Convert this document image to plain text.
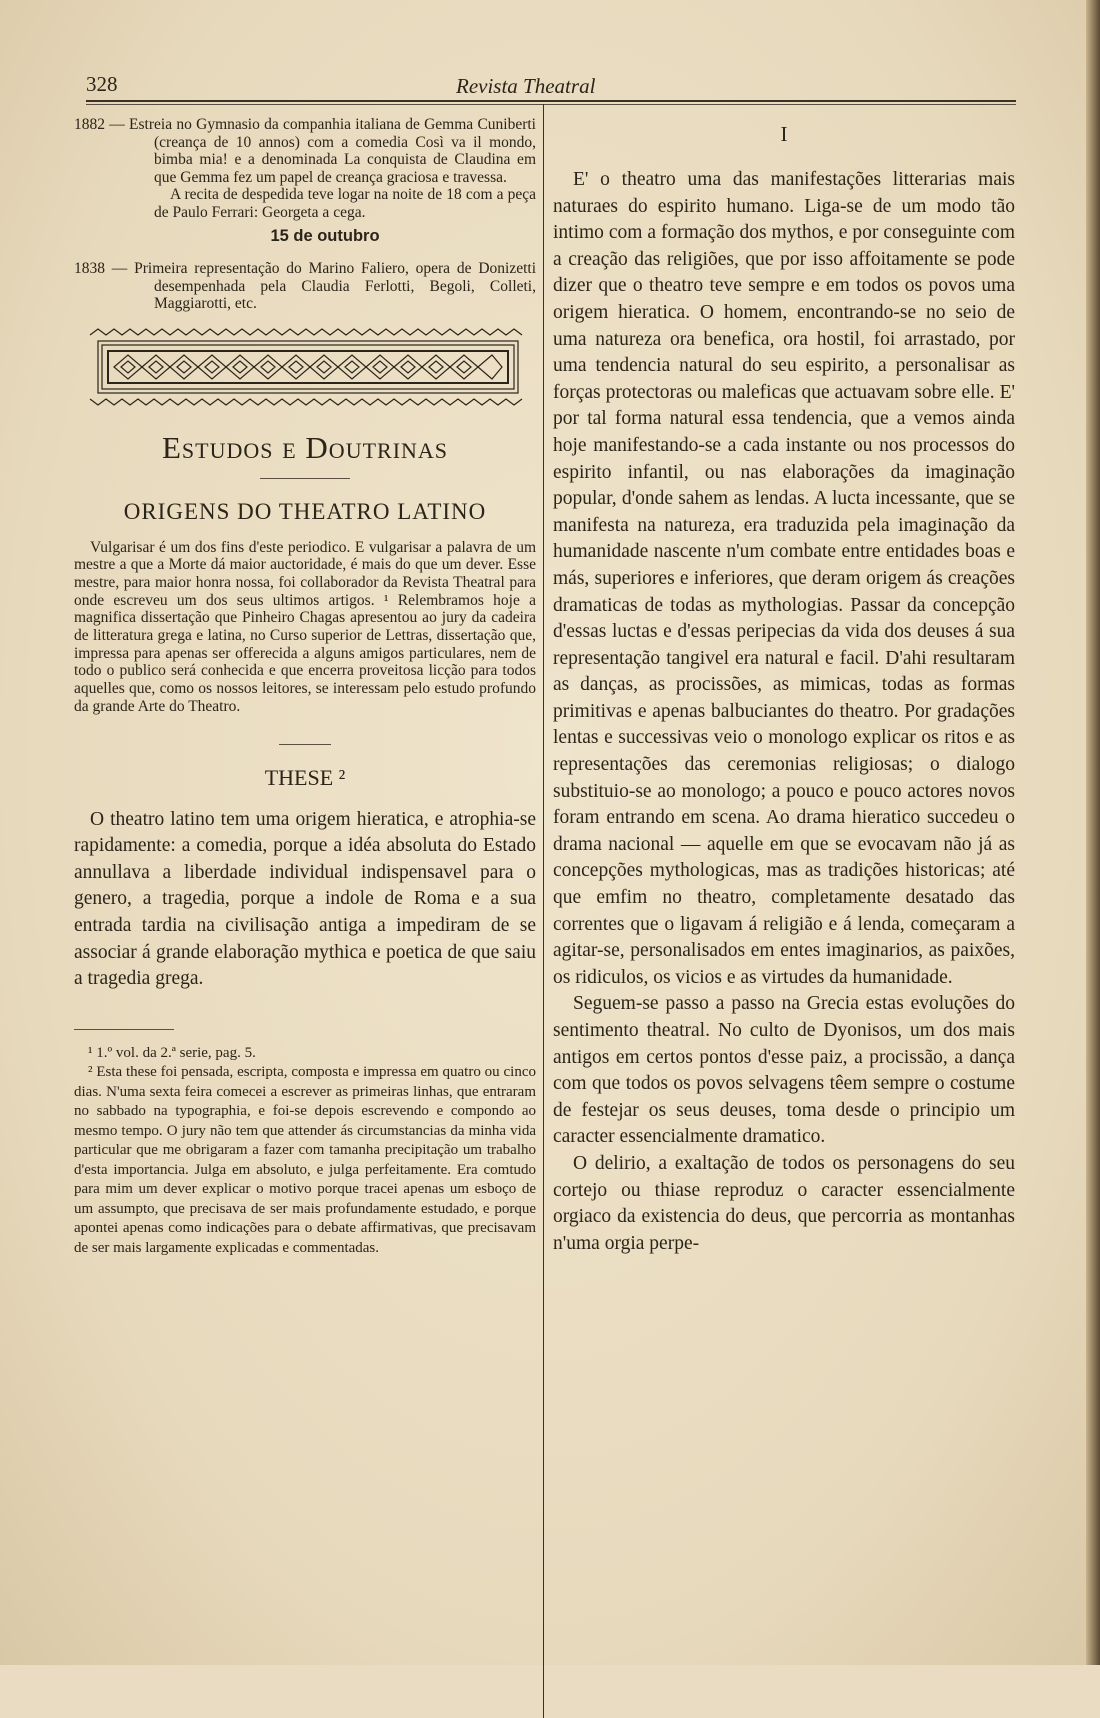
328	Revista Theatral

1882 — Estreia no Gymnasio da companhia italiana de Gemma Cuniberti (creança de 10 annos) com a comedia Così va il mondo, bimba mia! e a denominada La conquista de Claudina em que Gemma fez um papel de creança graciosa e travessa.

A recita de despedida teve logar na noite de 18 com a peça de Paulo Ferrari: Georgeta a cega.

15 de outubro

1838 — Primeira representação do Marino Faliero, opera de Donizetti desempenhada pela Claudia Ferlotti, Begoli, Colleti, Maggiarotti, etc.

Estudos e Doutrinas
ORIGENS DO THEATRO LATINO

Vulgarisar é um dos fins d'este periodico. E vulgarisar a palavra de um mestre a que a Morte dá maior auctoridade, é mais do que um dever. Esse mestre, para maior honra nossa, foi collaborador da Revista Theatral para onde escreveu um dos seus ultimos artigos. ¹ Relembramos hoje a magnifica dissertação que Pinheiro Chagas apresentou ao jury da cadeira de litteratura grega e latina, no Curso superior de Lettras, dissertação que, impressa para apenas ser offerecida a alguns amigos particulares, nem de todo o publico será conhecida e que encerra proveitosa licção para todos aquelles que, como os nossos leitores, se interessam pelo estudo profundo da grande Arte do Theatro.

THESE ²

O theatro latino tem uma origem hieratica, e atrophia-se rapidamente: a comedia, porque a idéa absoluta do Estado annullava a liberdade individual indispensavel para o genero, a tragedia, porque a indole de Roma e a sua entrada tardia na civilisação antiga a impediram de se associar á grande elaboração mythica e poetica de que saiu a tragedia grega.

¹ 1.º vol. da 2.ª serie, pag. 5.

² Esta these foi pensada, escripta, composta e impressa em quatro ou cinco dias. N'uma sexta feira comecei a escrever as primeiras linhas, que entraram no sabbado na typographia, e foi-se depois escrevendo e compondo ao mesmo tempo. O jury não tem que attender ás circumstancias da minha vida particular que me obrigaram a fazer com tamanha precipitação um trabalho d'esta importancia. Julga em absoluto, e julga perfeitamente. Era comtudo para mim um dever explicar o motivo porque tracei apenas um esboço de um assumpto, que precisava de ser mais profundamente estudado, e porque apontei apenas como indicações para o debate affirmativas, que precisavam de ser mais largamente explicadas e commentadas.

I

E' o theatro uma das manifestações litterarias mais naturaes do espirito humano. Liga-se de um modo tão intimo com a formação dos mythos, e por conseguinte com a creação das religiões, que por isso affoitamente se pode dizer que o theatro teve sempre e em todos os povos uma origem hieratica. O homem, encontrando-se no seio de uma natureza ora benefica, ora hostil, foi arrastado, por uma tendencia natural do seu espirito, a personalisar as forças protectoras ou maleficas que actuavam sobre elle. E' por tal forma natural essa tendencia, que a vemos ainda hoje manifestando-se a cada instante ou nos processos do espirito infantil, ou nas elaborações da imaginação popular, d'onde sahem as lendas. A lucta incessante, que se manifesta na natureza, era traduzida pela imaginação da humanidade nascente n'um combate entre entidades boas e más, superiores e inferiores, que deram origem ás creações dramaticas de todas as mythologias. Passar da concepção d'essas luctas e d'essas peripecias da vida dos deuses á sua representação tangivel era natural e facil. D'ahi resultaram as danças, as procissões, as mimicas, todas as formas primitivas e apenas balbuciantes do theatro. Por gradações lentas e successivas veio o monologo explicar os ritos e as representações das ceremonias religiosas; o dialogo substituio-se ao monologo; a pouco e pouco actores novos foram entrando em scena. Ao drama hieratico succedeu o drama nacional — aquelle em que se evocavam não já as concepções mythologicas, mas as tradições historicas; até que emfim no theatro, completamente desatado das correntes que o ligavam á religião e á lenda, começaram a agitar-se, personalisados em entes imaginarios, as paixões, os ridiculos, os vicios e as virtudes da humanidade.

Seguem-se passo a passo na Grecia estas evoluções do sentimento theatral. No culto de Dyonisos, um dos mais antigos em certos pontos d'esse paiz, a procissão, a dança com que todos os povos selvagens têem sempre o costume de festejar os seus deuses, toma desde o principio um caracter essencialmente dramatico.

O delirio, a exaltação de todos os personagens do seu cortejo ou thiase reproduz o caracter essencialmente orgiaco da existencia do deus, que percorria as montanhas n'uma orgia perpe-
